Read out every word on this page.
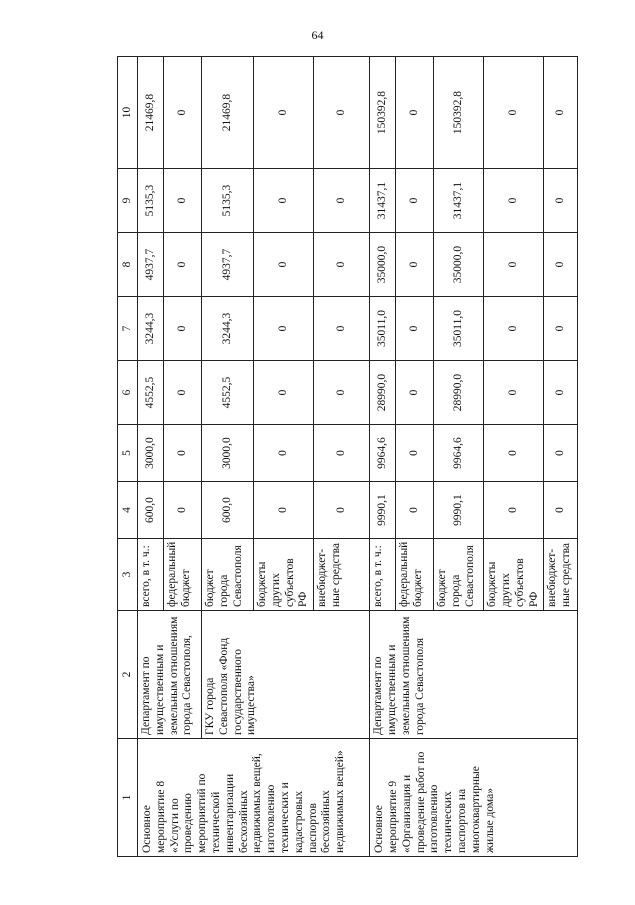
64
1	2	3	4	5	6	7	8	9	10
Основное мероприятие 8 «Услуги по проведению мероприятий по технической инвентаризации бесхозяйных недвижимых вещей, изготовлению технических и кадастровых паспортов бесхозяйных недвижимых вещей»	Департамент по имущественным и земельным отношениям города Севастополя,	всего, в т. ч.:	600,0	3000,0	4552,5	3244,3	4937,7	5135,3	21469,8
		федеральный бюджет	0	0	0	0	0	0	0
	ГКУ города Севастополя «Фонд государственного имущества»	бюджет города Севастополя	600,0	3000,0	4552,5	3244,3	4937,7	5135,3	21469,8
		бюджеты других субъектов РФ	0	0	0	0	0	0	0
		внебюджет-ные средства	0	0	0	0	0	0	0
Основное мероприятие 9 «Организация и проведение работ по изготовлению технических паспортов на многоквартирные жилые дома»	Департамент по имущественным и земельным отношениям города Севастополя	всего, в т. ч.:	9990,1	9964,6	28990,0	35011,0	35000,0	31437,1	150392,8
		федеральный бюджет	0	0	0	0	0	0	0
		бюджет города Севастополя	9990,1	9964,6	28990,0	35011,0	35000,0	31437,1	150392,8
		бюджеты других субъектов РФ	0	0	0	0	0	0	0
		внебюджет-ные средства	0	0	0	0	0	0	0
